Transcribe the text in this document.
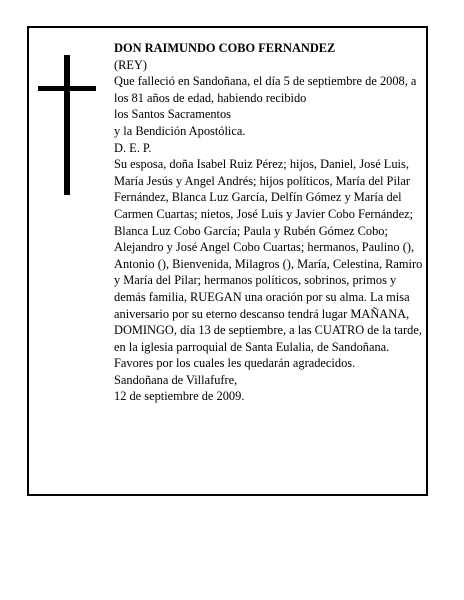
DON RAIMUNDO COBO FERNANDEZ

(REY)

Que falleció en Sandoñana, el día 5 de septiembre de 2008, a los 81 años de edad, habiendo recibido

los Santos Sacramentos

y la Bendición Apostólica.

D. E. P.

Su esposa, doña Isabel Ruiz Pérez; hijos, Daniel, José Luis, María Jesús y Angel Andrés; hijos políticos, María del Pilar Fernández, Blanca Luz García, Delfín Gómez y María del Carmen Cuartas; nietos, José Luis y Javier Cobo Fernández; Blanca Luz Cobo García; Paula y Rubén Gómez Cobo; Alejandro y José Angel Cobo Cuartas; hermanos, Paulino (), Antonio (), Bienvenida, Milagros (), María, Celestina, Ramiro y María del Pilar; hermanos políticos, sobrinos, primos y demás familia, RUEGAN una oración por su alma. La misa aniversario por su eterno descanso tendrá lugar MAÑANA, DOMINGO, día 13 de septiembre, a las CUATRO de la tarde, en la iglesia parroquial de Santa Eulalia, de Sandoñana. Favores por los cuales les quedarán agradecidos.

Sandoñana de Villafufre,

12 de septiembre de 2009.
